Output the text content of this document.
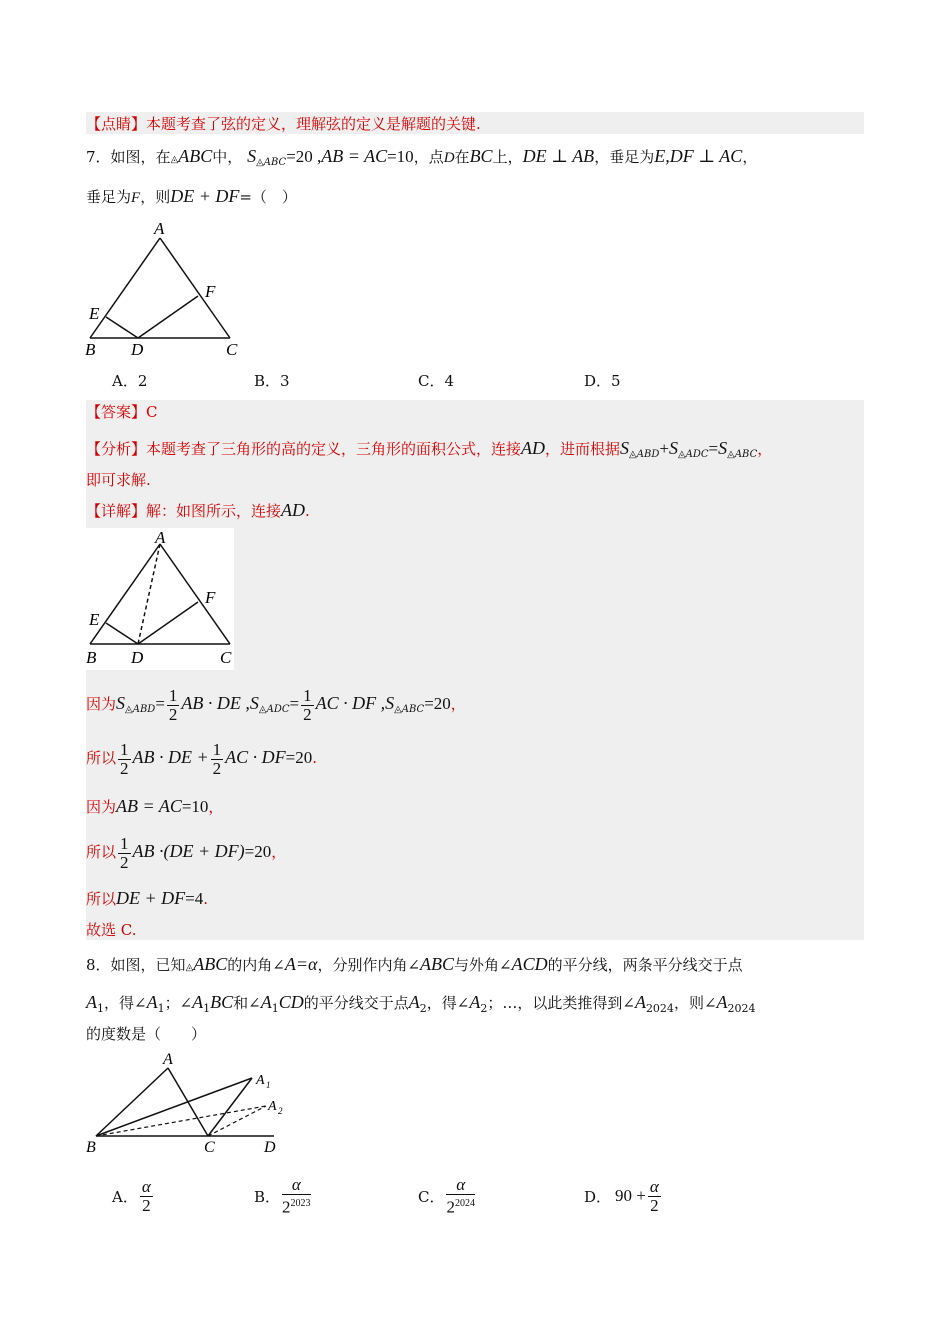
【点睛】本题考查了弦的定义，理解弦的定义是解题的关键.
7．如图，在◬ABC中， $S_{◬ABC}=20$ ,AB = AC=10，点D在BC上，DE ⊥ AB，垂足为E,DF ⊥ AC，
垂足为F，则DE + DF=（　）
A
B	C
D
E
F
A．2	B．3	C．4	D．5
【答案】C
【分析】本题考查了三角形的高的定义，三角形的面积公式，连接AD，进而根据$S_{◬ABD}+S_{◬ADC}=S_{◬ABC}$，
即可求解.
【详解】解：如图所示，连接AD.
A
B	C
D
E
F
因为$S_{◬ABD}= \frac{1}{2}$ AB · DE $,S_{◬ADC}= \frac{1}{2}$ AC · DF $,S_{◬ABC}=20$，
所以 $\frac{1}{2}$ AB · DE + $\frac{1}{2}$ AC · DF=20.
因为AB = AC=10，
所以 $\frac{1}{2}$ AB ·(DE + DF)=20，
所以DE + DF=4.
故选 C.
8．如图，已知◬ABC的内角∠A=α，分别作内角∠ABC与外角∠ACD的平分线，两条平分线交于点
$A_1$，得$\angle A_1$；$\angle A_1BC$和$\angle A_1CD$的平分线交于点$A_2$，得$\angle A_2$；…，以此类推得到$\angle A_{2024}$，则$\angle A_{2024}$
的度数是（　　）
A
B	C	D
A 1
A 2
A． $\frac{\alpha}{2}$	B． $\frac{\alpha}{2^{2023}}$	C． $\frac{\alpha}{2^{2024}}$	D． $90 + \frac{\alpha}{2}$
